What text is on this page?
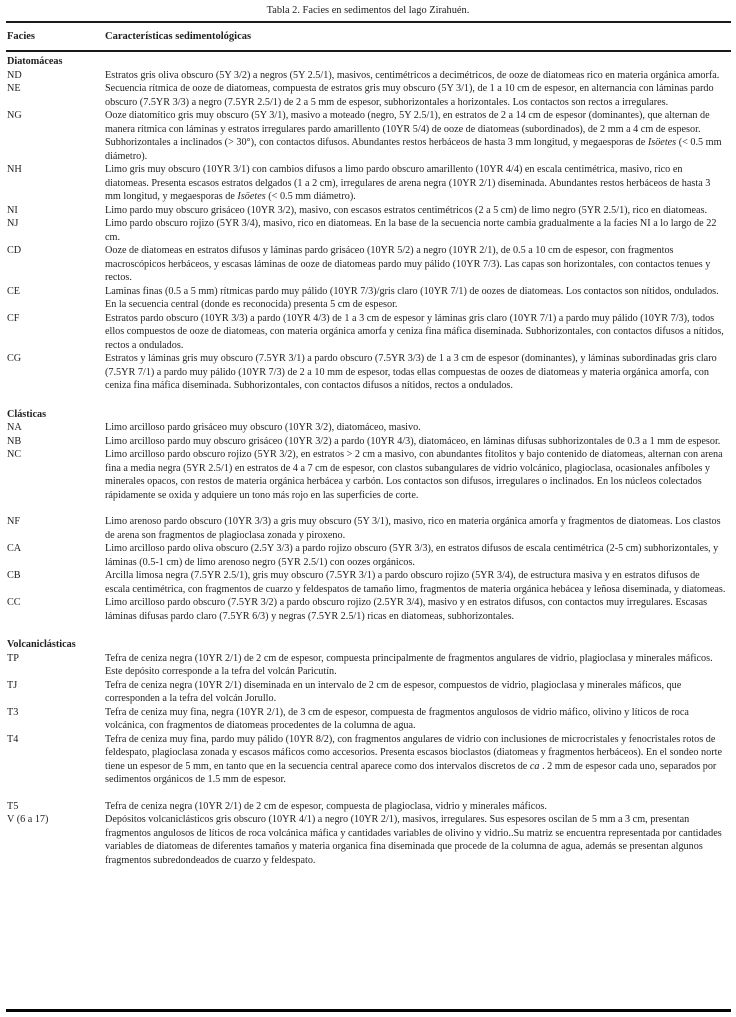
Tabla 2. Facies en sedimentos del lago Zirahuén.
Facies	Características sedimentológicas
Diatomáceas
ND	Estratos gris oliva obscuro (5Y 3/2) a negros (5Y 2.5/1), masivos, centimétricos a decimétricos, de ooze de diatomeas rico en materia orgánica amorfa.
NE	Secuencia rítmica de ooze de diatomeas, compuesta de estratos gris muy obscuro (5Y 3/1), de 1 a 10 cm de espesor, en alternancia con láminas pardo obscuro (7.5YR 3/3) a negro (7.5YR 2.5/1) de 2 a 5 mm de espesor, subhorizontales a horizontales. Los contactos son rectos a irregulares.
NG	Ooze diatomítico gris muy obscuro (5Y 3/1), masivo a moteado (negro, 5Y 2.5/1), en estratos de 2 a 14 cm de espesor (dominantes), que alternan de manera rítmica con láminas y estratos irregulares pardo amarillento (10YR 5/4) de ooze de diatomeas (subordinados), de 2 mm a 4 cm de espesor. Subhorizontales a inclinados (> 30°), con contactos difusos. Abundantes restos herbáceos de hasta 3 mm longitud, y megaesporas de Isöetes (< 0.5 mm diámetro).
NH	Limo gris muy obscuro (10YR 3/1) con cambios difusos a limo pardo obscuro amarillento (10YR 4/4) en escala centimétrica, masivo, rico en diatomeas. Presenta escasos estratos delgados (1 a 2 cm), irregulares de arena negra (10YR 2/1) diseminada. Abundantes restos herbáceos de hasta 3 mm longitud, y megaesporas de Isöetes (< 0.5 mm diámetro).
NI	Limo pardo muy obscuro grisáceo (10YR 3/2), masivo, con escasos estratos centimétricos (2 a 5 cm) de limo negro (5YR 2.5/1), rico en diatomeas.
NJ	Limo pardo obscuro rojizo (5YR 3/4), masivo, rico en diatomeas. En la base de la secuencia norte cambia gradualmente a la facies NI a lo largo de 22 cm.
CD	Ooze de diatomeas en estratos difusos y láminas pardo grisáceo (10YR 5/2) a negro (10YR 2/1), de 0.5 a 10 cm de espesor, con fragmentos macroscópicos herbáceos, y escasas láminas de ooze de diatomeas pardo muy pálido (10YR 7/3). Las capas son horizontales, con contactos tenues y rectos.
CE	Laminas finas (0.5 a 5 mm) rítmicas pardo muy pálido (10YR 7/3)/gris claro (10YR 7/1) de oozes de diatomeas. Los contactos son nítidos, ondulados. En la secuencia central (donde es reconocida) presenta 5 cm de espesor.
CF	Estratos pardo obscuro (10YR 3/3) a pardo (10YR 4/3) de 1 a 3 cm de espesor y láminas gris claro (10YR 7/1) a pardo muy pálido (10YR 7/3), todos ellos compuestos de ooze de diatomeas, con materia orgánica amorfa y ceniza fina máfica diseminada. Subhorizontales, con contactos difusos a nítidos, rectos a ondulados.
CG	Estratos y láminas gris muy obscuro (7.5YR 3/1) a pardo obscuro (7.5YR 3/3) de 1 a 3 cm de espesor (dominantes), y láminas subordinadas gris claro (7.5YR 7/1) a pardo muy pálido (10YR 7/3) de 2 a 10 mm de espesor, todas ellas compuestas de oozes de diatomeas y materia orgánica amorfa, con ceniza fina máfica diseminada. Subhorizontales, con contactos difusos a nítidos, rectos a ondulados.
Clásticas
NA	Limo arcilloso pardo grisáceo muy obscuro (10YR 3/2), diatomáceo, masivo.
NB	Limo arcilloso pardo muy obscuro grisáceo (10YR 3/2) a pardo (10YR 4/3), diatomáceo, en láminas difusas subhorizontales de 0.3 a 1 mm de espesor.
NC	Limo arcilloso pardo obscuro rojizo (5YR 3/2), en estratos > 2 cm a masivo, con abundantes fitolitos y bajo contenido de diatomeas, alternan con arena fina a media negra (5YR 2.5/1) en estratos de 4 a 7 cm de espesor, con clastos subangulares de vidrio volcánico, plagioclasa, ocasionales anfíboles y minerales opacos, con restos de materia orgánica herbácea y carbón. Los contactos son difusos, irregulares o inclinados. En los núcleos colectados rápidamente se oxida y adquiere un tono más rojo en las superficies de corte.
NF	Limo arenoso pardo obscuro (10YR 3/3) a gris muy obscuro (5Y 3/1), masivo, rico en materia orgánica amorfa y fragmentos de diatomeas. Los clastos de arena son fragmentos de plagioclasa zonada y piroxeno.
CA	Limo arcilloso pardo oliva obscuro (2.5Y 3/3) a pardo rojizo obscuro (5YR 3/3), en estratos difusos de escala centimétrica (2-5 cm) subhorizontales, y láminas (0.5-1 cm) de limo arenoso negro (5YR 2.5/1) con oozes orgánicos.
CB	Arcilla limosa negra (7.5YR 2.5/1), gris muy obscuro (7.5YR 3/1) a pardo obscuro rojizo (5YR 3/4), de estructura masiva y en estratos difusos de escala centimétrica, con fragmentos de cuarzo y feldespatos de tamaño limo, fragmentos de materia orgánica hebácea y leñosa diseminada, y diatomeas.
CC	Limo arcilloso pardo obscuro (7.5YR 3/2) a pardo obscuro rojizo (2.5YR 3/4), masivo y en estratos difusos, con contactos muy irregulares. Escasas láminas difusas pardo claro (7.5YR 6/3) y negras (7.5YR 2.5/1) ricas en diatomeas, subhorizontales.
Volcaniclásticas
TP	Tefra de ceniza negra (10YR 2/1) de 2 cm de espesor, compuesta principalmente de fragmentos angulares de vidrio, plagioclasa y minerales máficos. Este depósito corresponde a la tefra del volcán Paricutín.
TJ	Tefra de ceniza negra (10YR 2/1) diseminada en un intervalo de 2 cm de espesor, compuestos de vidrio, plagioclasa y minerales máficos, que corresponden a la tefra del volcán Jorullo.
T3	Tefra de ceniza muy fina, negra (10YR 2/1), de 3 cm de espesor, compuesta de fragmentos angulosos de vidrio máfico, olivino y líticos de roca volcánica, con fragmentos de diatomeas procedentes de la columna de agua.
T4	Tefra de ceniza muy fina, pardo muy pálido (10YR 8/2), con fragmentos angulares de vidrio con inclusiones de microcristales y fenocristales rotos de feldespato, plagioclasa zonada y escasos máficos como accesorios. Presenta escasos bioclastos (diatomeas y fragmentos herbáceos). En el sondeo norte tiene un espesor de 5 mm, en tanto que en la secuencia central aparece como dos intervalos discretos de ca . 2 mm de espesor cada uno, separados por sedimentos orgánicos de 1.5 mm de espesor.
T5	Tefra de ceniza negra (10YR 2/1) de 2 cm de espesor, compuesta de plagioclasa, vidrio y minerales máficos.
V (6 a 17)	Depósitos volcaniclásticos gris obscuro (10YR 4/1) a negro (10YR 2/1), masivos, irregulares. Sus espesores oscilan de 5 mm a 3 cm, presentan fragmentos angulosos de líticos de roca volcánica máfica y cantidades variables de olivino y vidrio..Su matriz se encuentra representada por cantidades variables de diatomeas de diferentes tamaños y materia organica fina diseminada que procede de la columna de agua, además se presentan algunos fragmentos subredondeados de cuarzo y feldespato.
